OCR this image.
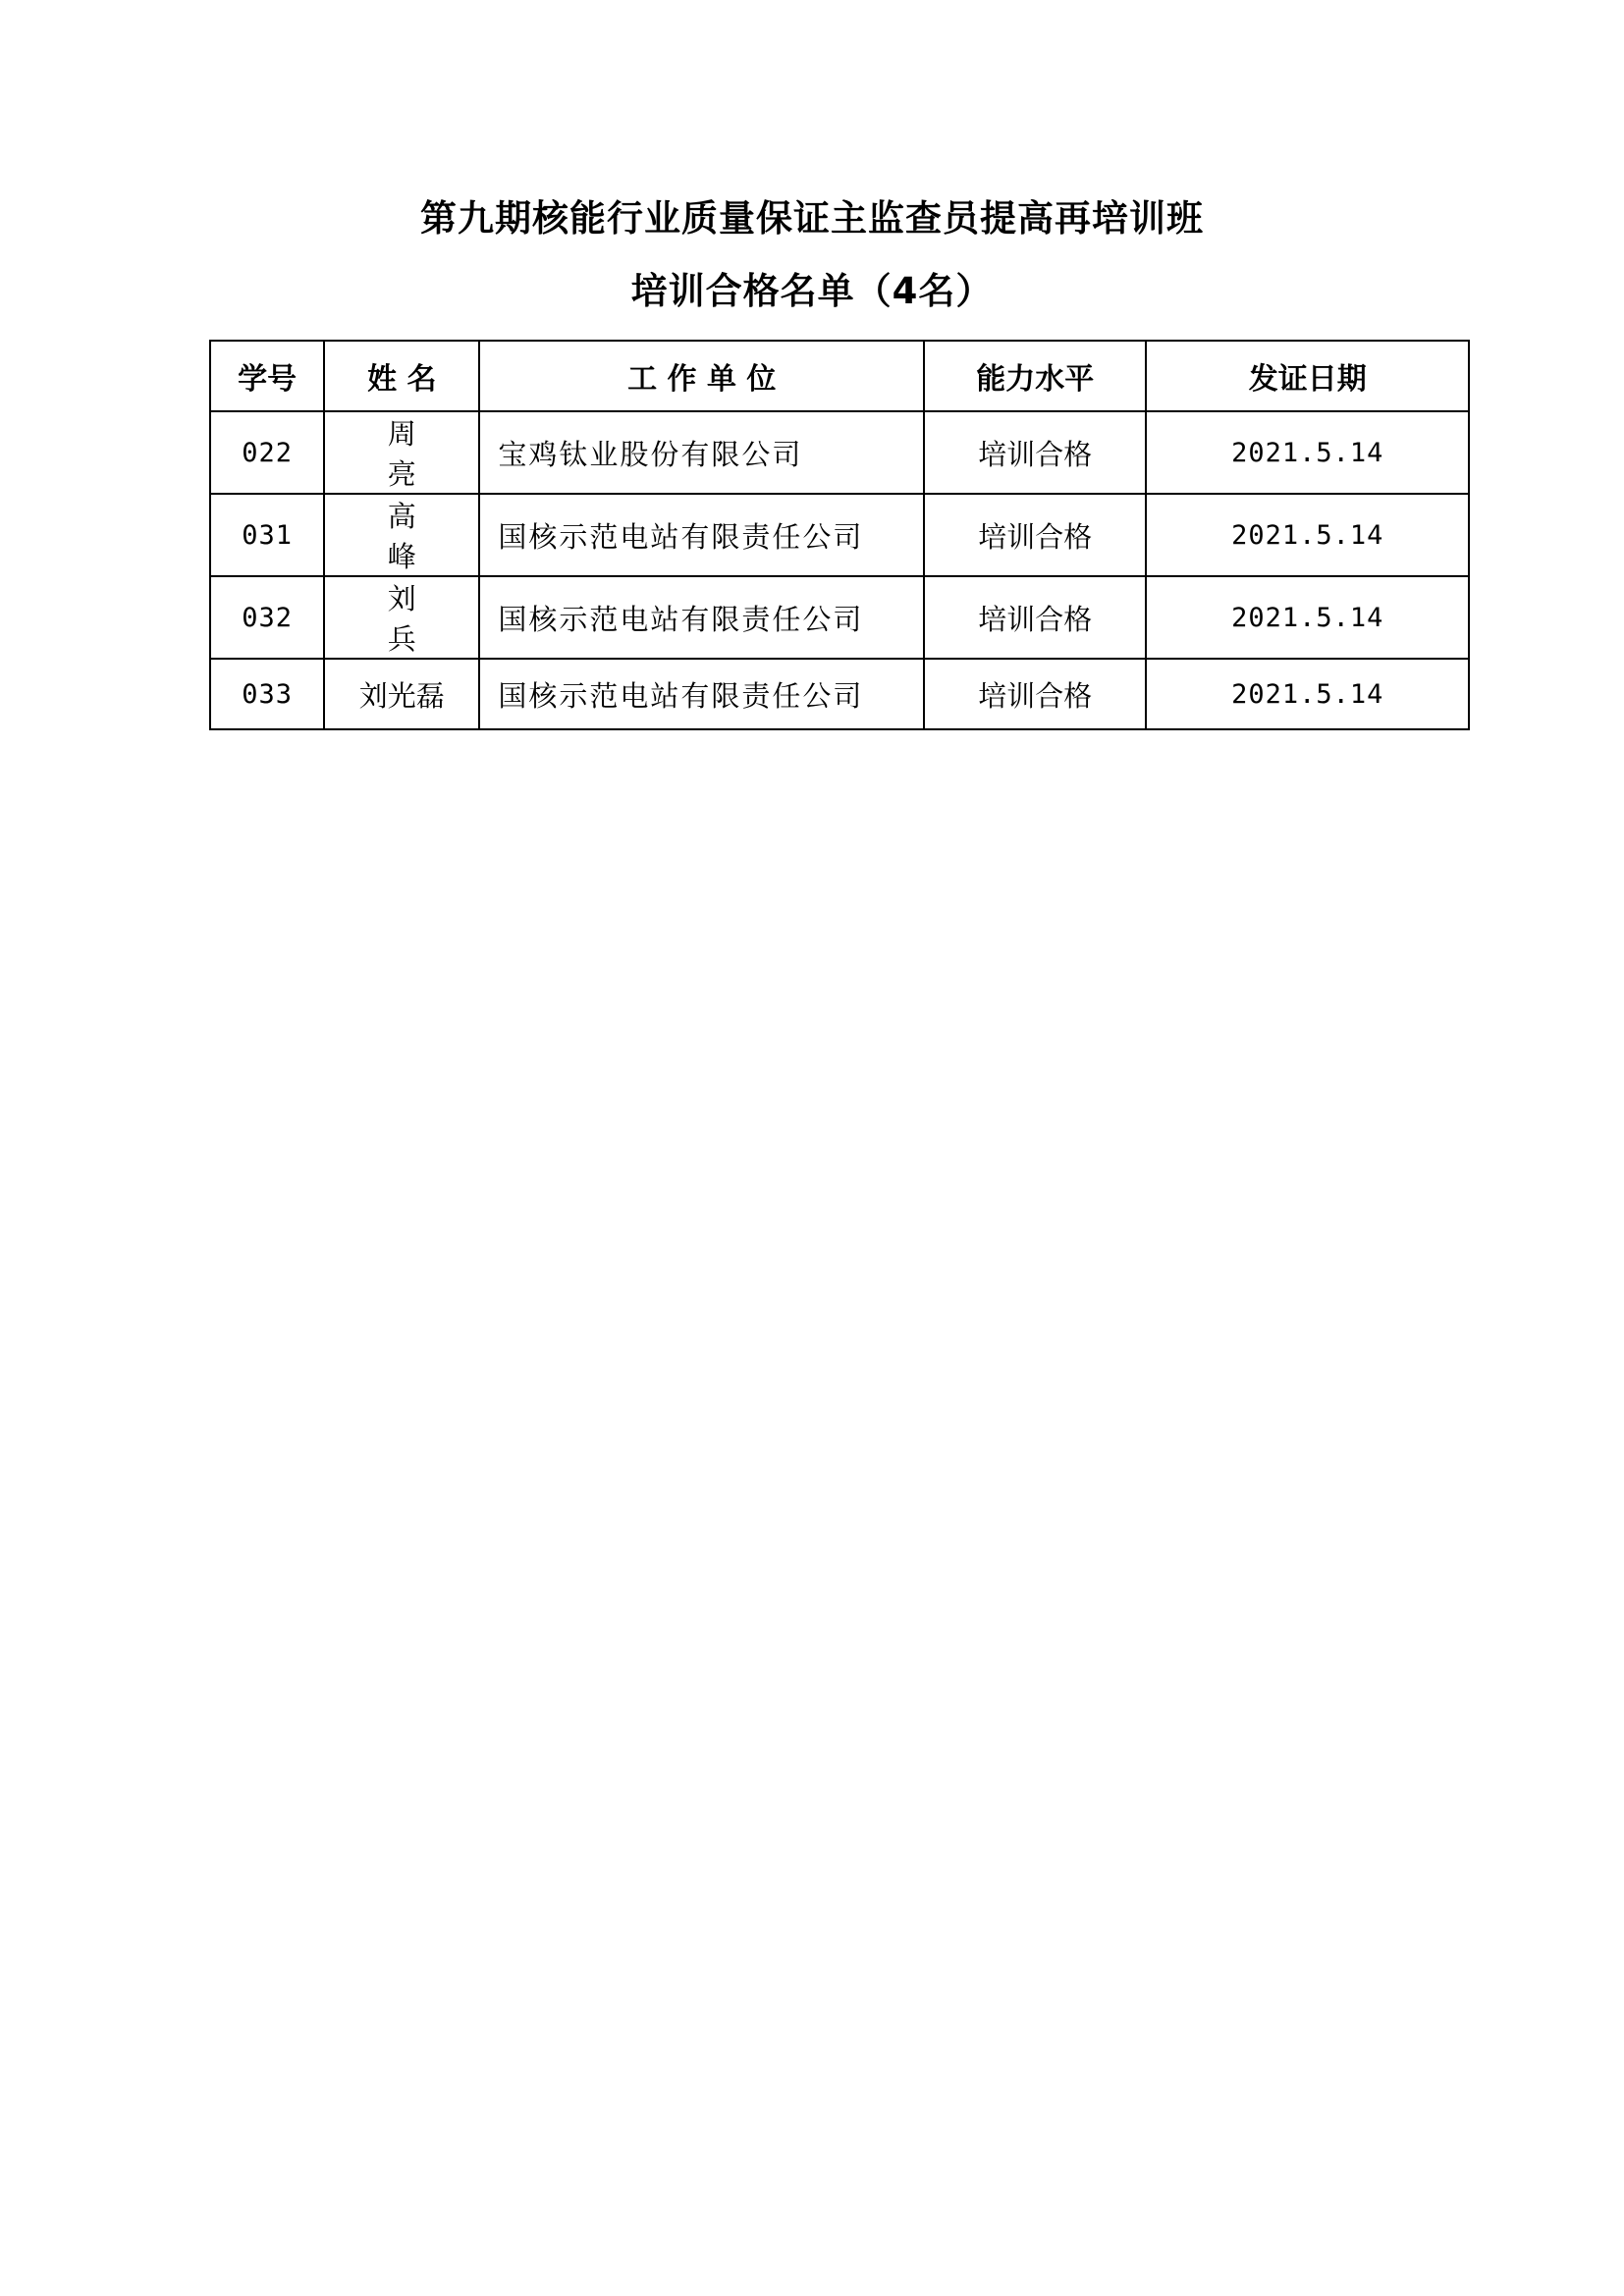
第九期核能行业质量保证主监查员提高再培训班
培训合格名单（4名）
学号	姓 名	工 作 单 位	能力水平	发证日期
022	周亮	宝鸡钛业股份有限公司	培训合格	2021.5.14
031	高峰	国核示范电站有限责任公司	培训合格	2021.5.14
032	刘兵	国核示范电站有限责任公司	培训合格	2021.5.14
033	刘光磊	国核示范电站有限责任公司	培训合格	2021.5.14
